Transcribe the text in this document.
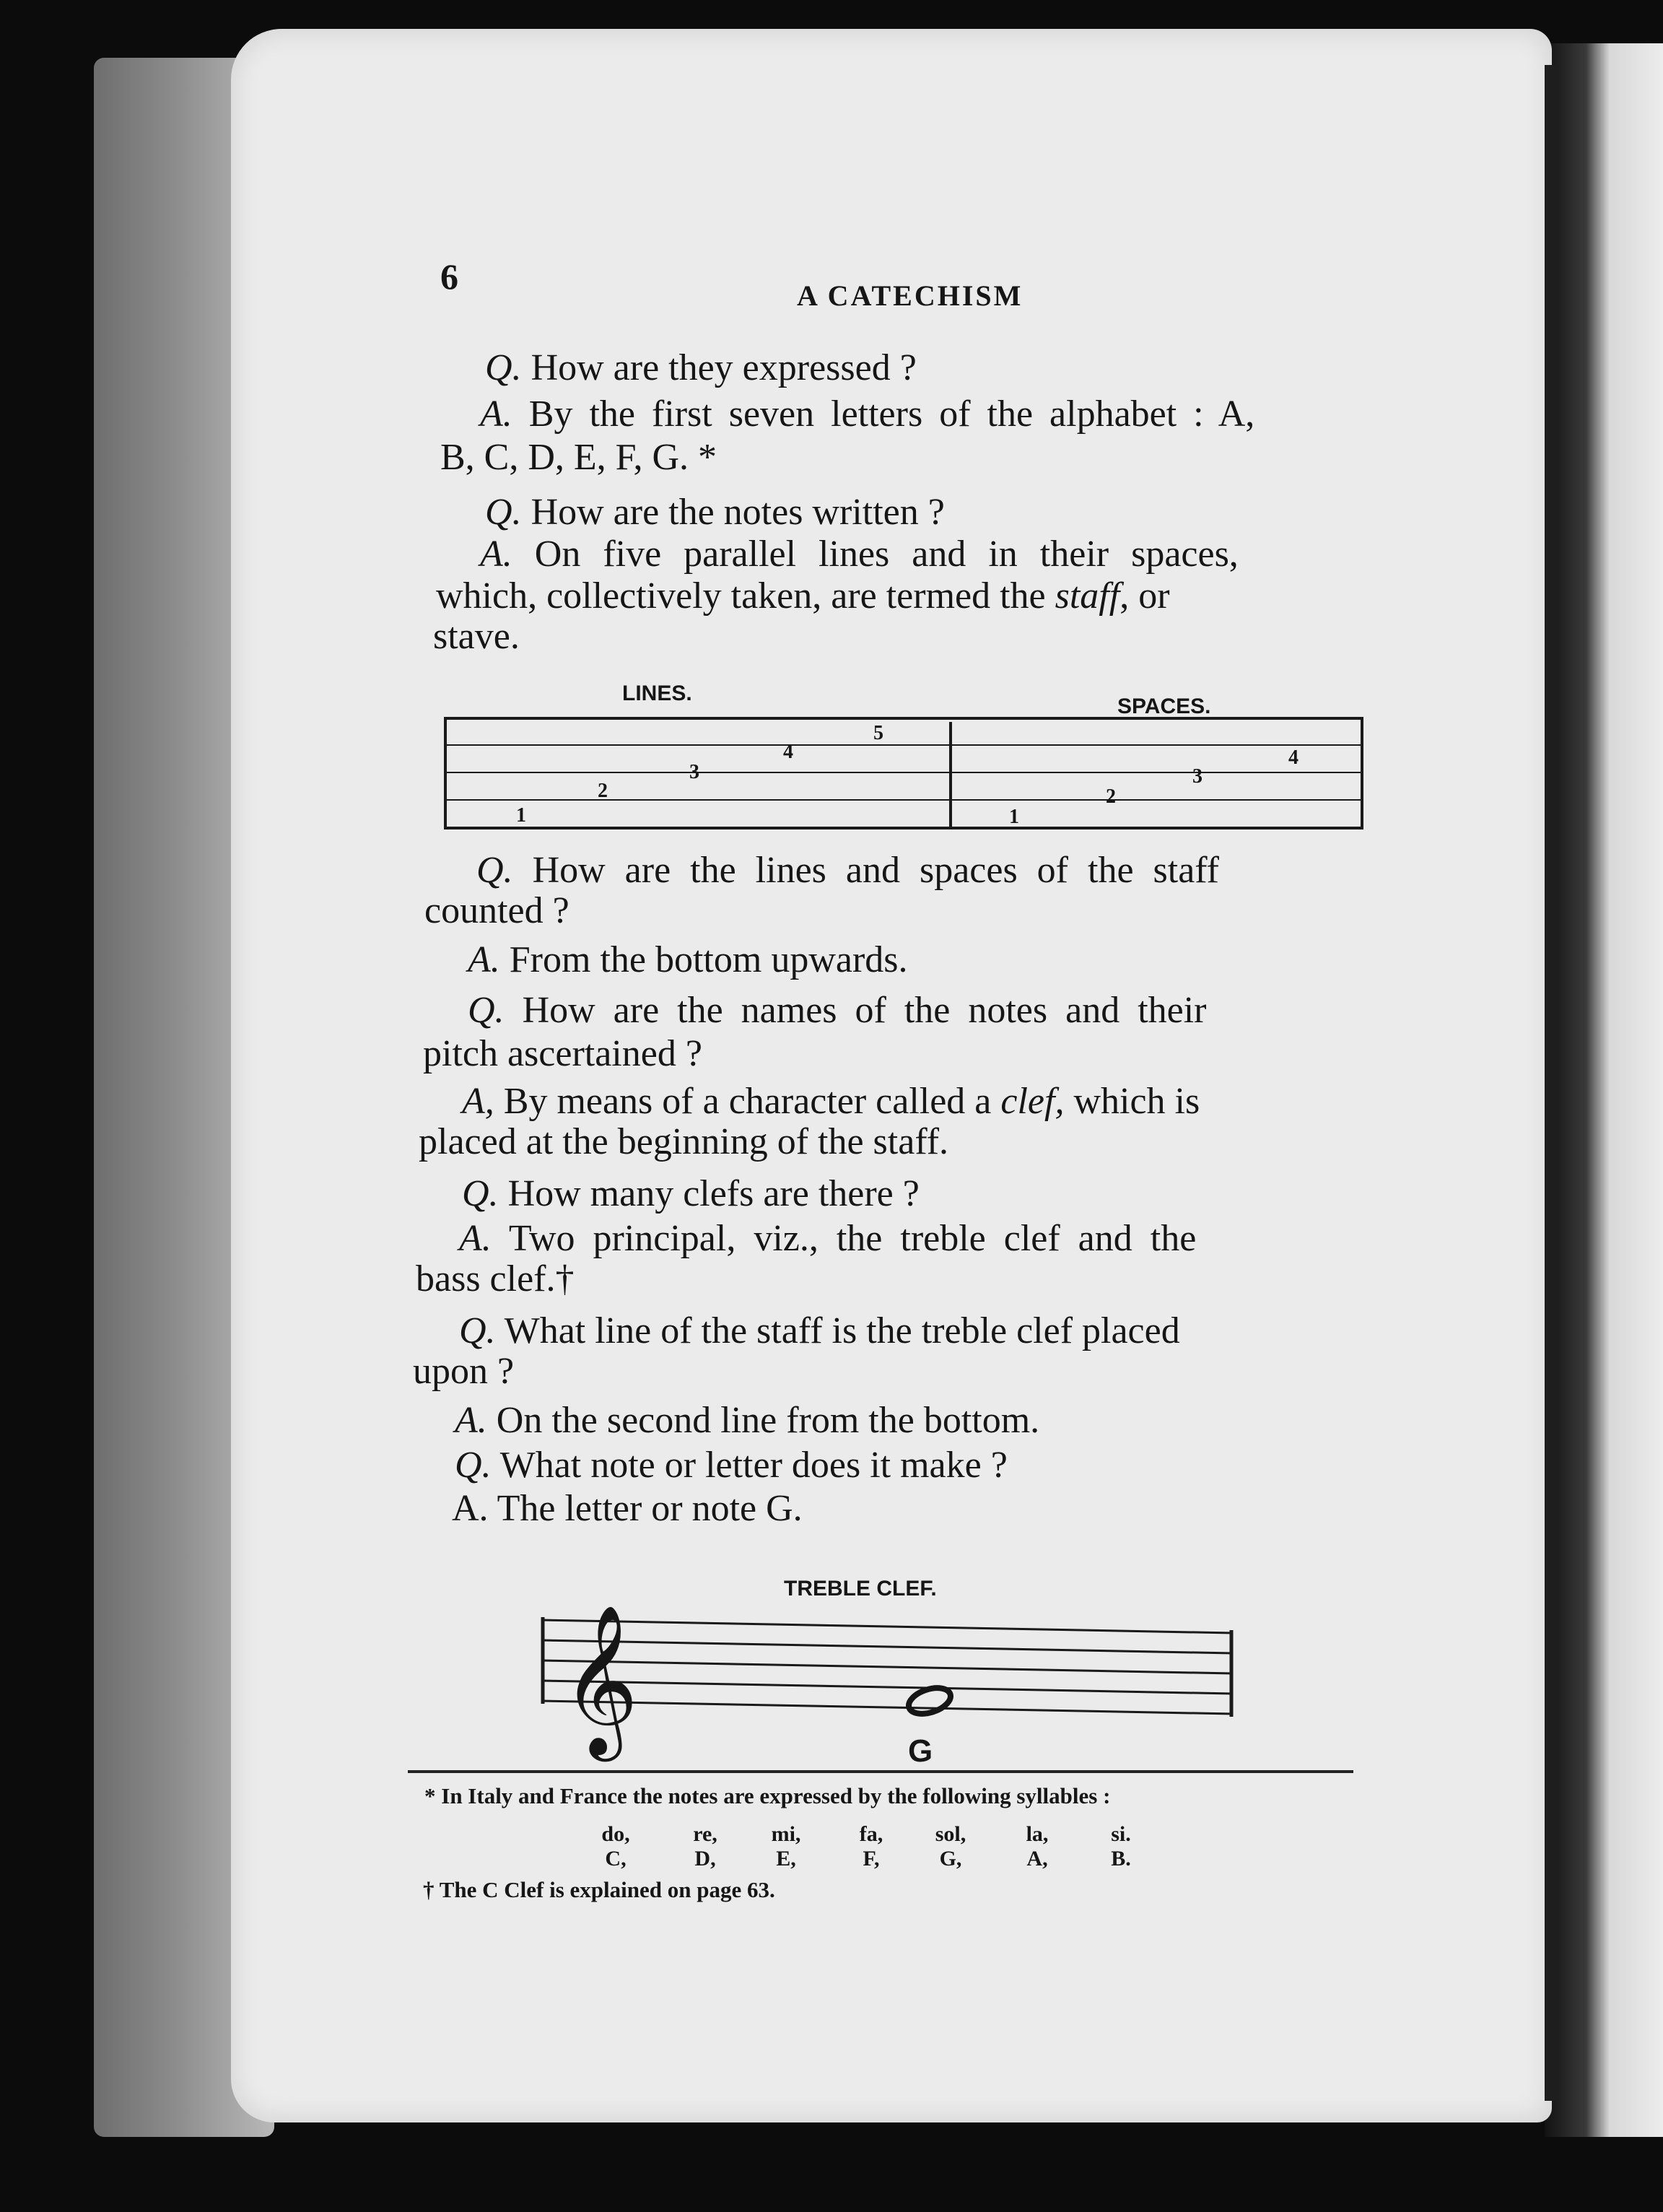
6	A CATECHISM
Q. How are they expressed ?
A. By the first seven letters of the alphabet : A,
B, C, D, E, F, G. *
Q. How are the notes written ?
A. On five parallel lines and in their spaces,
which, collectively taken, are termed the staff, or
stave.
LINES.
SPACES.
Q. How are the lines and spaces of the staff
counted ?
A. From the bottom upwards.
Q. How are the names of the notes and their
pitch ascertained ?
A, By means of a character called a clef, which is
placed at the beginning of the staff.
Q. How many clefs are there ?
A. Two principal, viz., the treble clef and the
bass clef.†
Q. What line of the staff is the treble clef placed
upon ?
A. On the second line from the bottom.
Q. What note or letter does it make ?
A. The letter or note G.
TREBLE CLEF.
1
2
3
4
5
1
2
3
4
𝄞	G
* In Italy and France the notes are expressed by the following syllables :
do,
C,
re,
D,
mi,
E,
fa,
F,
sol,
G,
la,
A,
si.
B.
† The C Clef is explained on page 63.
